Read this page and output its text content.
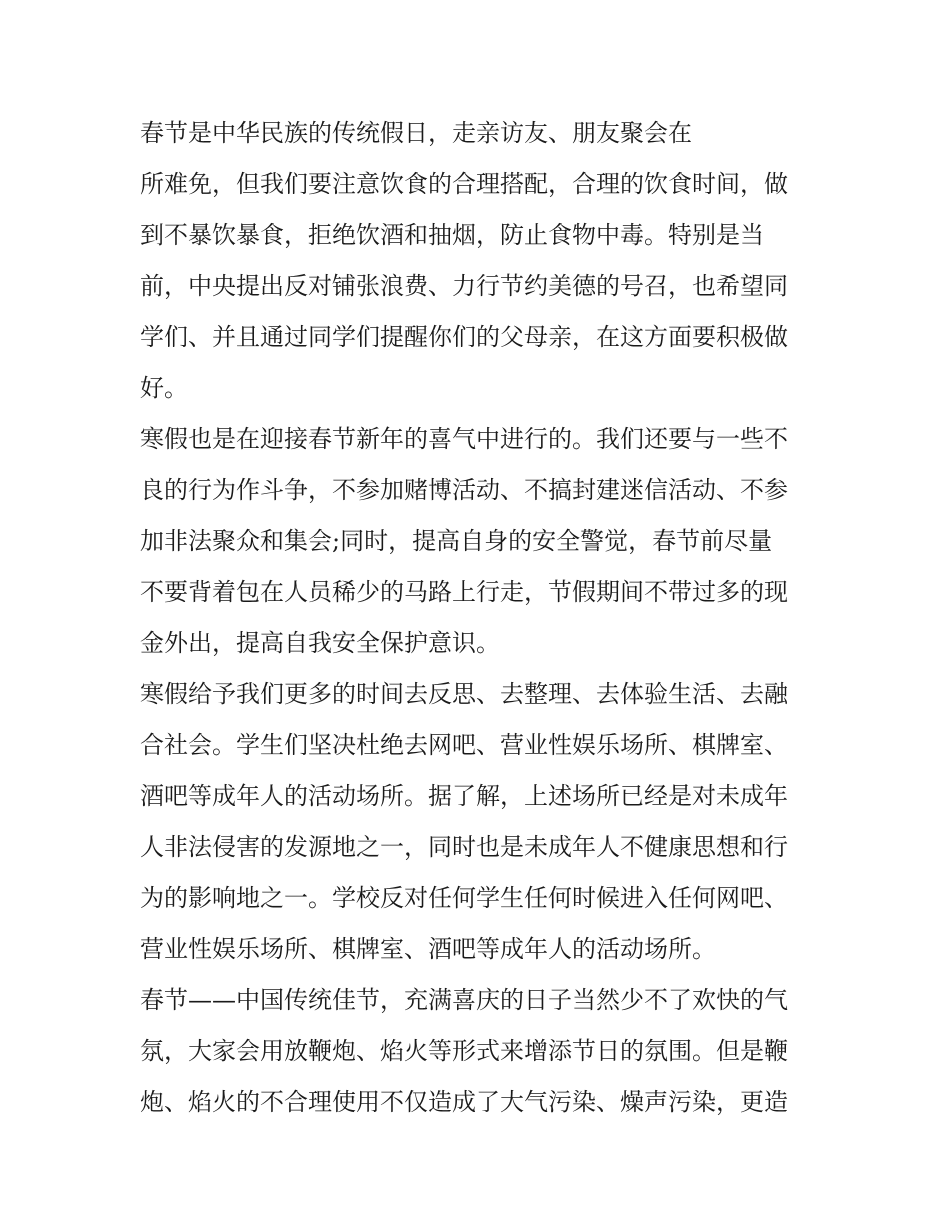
春节是中华民族的传统假日，走亲访友、朋友聚会在
所难免，但我们要注意饮食的合理搭配，合理的饮食时间，做
到不暴饮暴食，拒绝饮酒和抽烟，防止食物中毒。特别是当
前，中央提出反对铺张浪费、力行节约美德的号召，也希望同
学们、并且通过同学们提醒你们的父母亲，在这方面要积极做
好。
寒假也是在迎接春节新年的喜气中进行的。我们还要与一些不
良的行为作斗争，不参加赌博活动、不搞封建迷信活动、不参
加非法聚众和集会;同时，提高自身的安全警觉，春节前尽量
不要背着包在人员稀少的马路上行走，节假期间不带过多的现
金外出，提高自我安全保护意识。
寒假给予我们更多的时间去反思、去整理、去体验生活、去融
合社会。学生们坚决杜绝去网吧、营业性娱乐场所、棋牌室、
酒吧等成年人的活动场所。据了解，上述场所已经是对未成年
人非法侵害的发源地之一，同时也是未成年人不健康思想和行
为的影响地之一。学校反对任何学生任何时候进入任何网吧、
营业性娱乐场所、棋牌室、酒吧等成年人的活动场所。
春节——中国传统佳节，充满喜庆的日子当然少不了欢快的气
氛，大家会用放鞭炮、焰火等形式来增添节日的氛围。但是鞭
炮、焰火的不合理使用不仅造成了大气污染、燥声污染，更造
